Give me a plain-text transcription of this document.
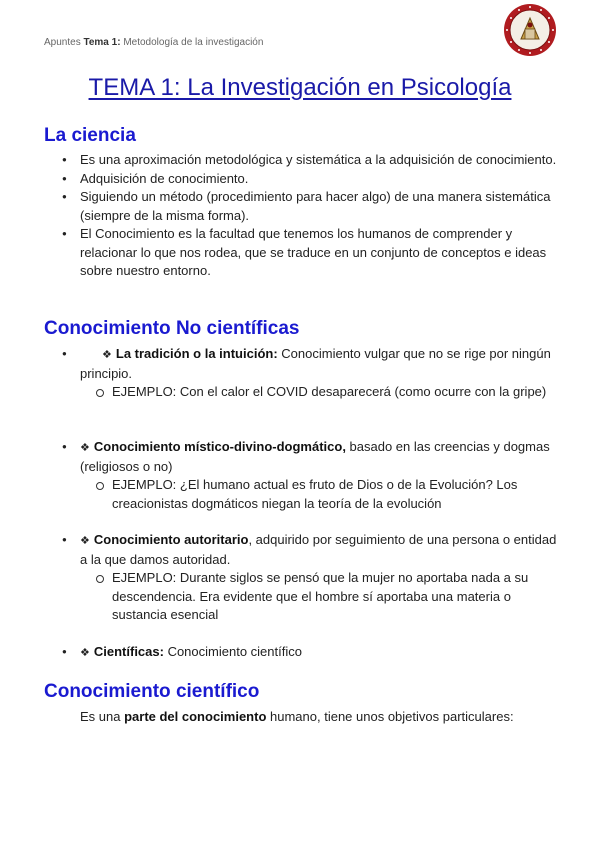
Apuntes Tema 1: Metodología de la investigación
TEMA 1: La Investigación en Psicología
La ciencia
● Es una aproximación metodológica y sistemática a la adquisición de conocimiento.
● Adquisición de conocimiento.
● Siguiendo un método (procedimiento para hacer algo) de una manera sistemática (siempre de la misma forma).
● El Conocimiento es la facultad que tenemos los humanos de comprender y relacionar lo que nos rodea, que se traduce en un conjunto de conceptos e ideas sobre nuestro entorno.
Conocimiento No científicas
● ❖ La tradición o la intuición: Conocimiento vulgar que no se rige por ningún principio.
EJEMPLO: Con el calor el COVID desaparecerá (como ocurre con la gripe)
● ❖ Conocimiento místico-divino-dogmático, basado en las creencias y dogmas (religiosos o no)
EJEMPLO: ¿El humano actual es fruto de Dios o de la Evolución? Los creacionistas dogmáticos niegan la teoría de la evolución
● ❖ Conocimiento autoritario, adquirido por seguimiento de una persona o entidad a la que damos autoridad.
EJEMPLO: Durante siglos se pensó que la mujer no aportaba nada a su descendencia. Era evidente que el hombre sí aportaba una materia o sustancia esencial
● ❖ Científicas: Conocimiento científico
Conocimiento científico
Es una parte del conocimiento humano, tiene unos objetivos particulares:
